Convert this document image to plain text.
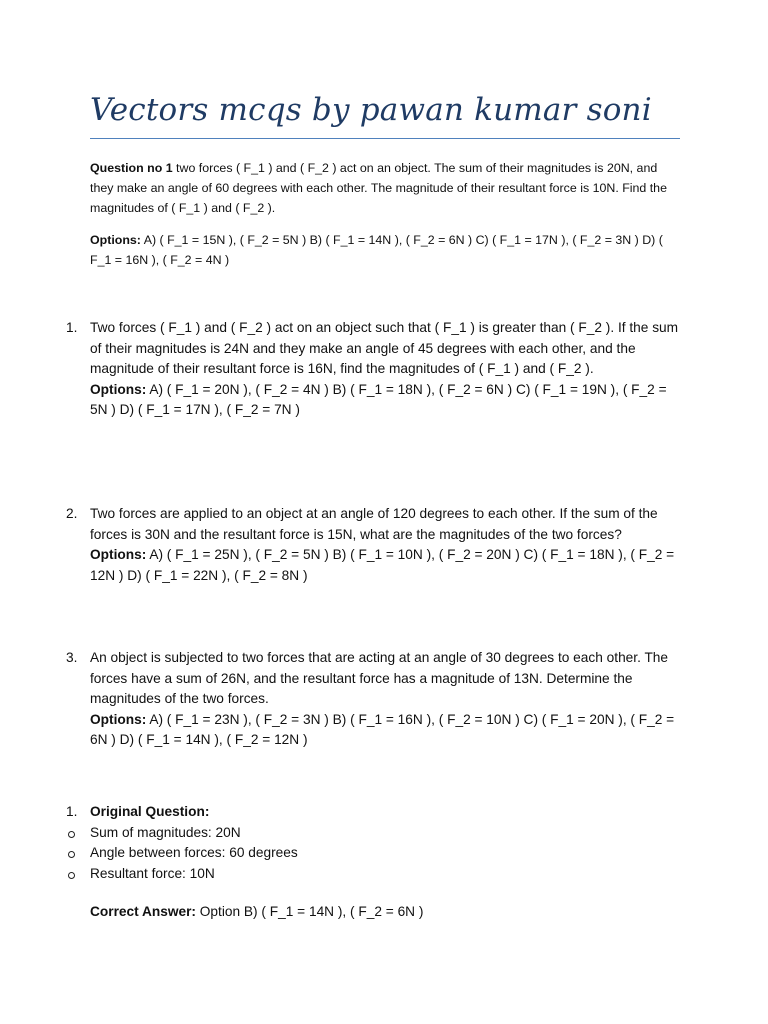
Vectors mcqs by pawan kumar soni
Question no 1 two forces ( F_1 ) and ( F_2 ) act on an object. The sum of their magnitudes is 20N, and they make an angle of 60 degrees with each other. The magnitude of their resultant force is 10N. Find the magnitudes of ( F_1 ) and ( F_2 ).
Options: A) ( F_1 = 15N ), ( F_2 = 5N ) B) ( F_1 = 14N ), ( F_2 = 6N ) C) ( F_1 = 17N ), ( F_2 = 3N ) D) ( F_1 = 16N ), ( F_2 = 4N )
1. Two forces ( F_1 ) and ( F_2 ) act on an object such that ( F_1 ) is greater than ( F_2 ). If the sum of their magnitudes is 24N and they make an angle of 45 degrees with each other, and the magnitude of their resultant force is 16N, find the magnitudes of ( F_1 ) and ( F_2 ).
Options: A) ( F_1 = 20N ), ( F_2 = 4N ) B) ( F_1 = 18N ), ( F_2 = 6N ) C) ( F_1 = 19N ), ( F_2 = 5N ) D) ( F_1 = 17N ), ( F_2 = 7N )
2. Two forces are applied to an object at an angle of 120 degrees to each other. If the sum of the forces is 30N and the resultant force is 15N, what are the magnitudes of the two forces?
Options: A) ( F_1 = 25N ), ( F_2 = 5N ) B) ( F_1 = 10N ), ( F_2 = 20N ) C) ( F_1 = 18N ), ( F_2 = 12N ) D) ( F_1 = 22N ), ( F_2 = 8N )
3. An object is subjected to two forces that are acting at an angle of 30 degrees to each other. The forces have a sum of 26N, and the resultant force has a magnitude of 13N. Determine the magnitudes of the two forces.
Options: A) ( F_1 = 23N ), ( F_2 = 3N ) B) ( F_1 = 16N ), ( F_2 = 10N ) C) ( F_1 = 20N ), ( F_2 = 6N ) D) ( F_1 = 14N ), ( F_2 = 12N )
1. Original Question:
Sum of magnitudes: 20N
Angle between forces: 60 degrees
Resultant force: 10N
Correct Answer: Option B) ( F_1 = 14N ), ( F_2 = 6N )
